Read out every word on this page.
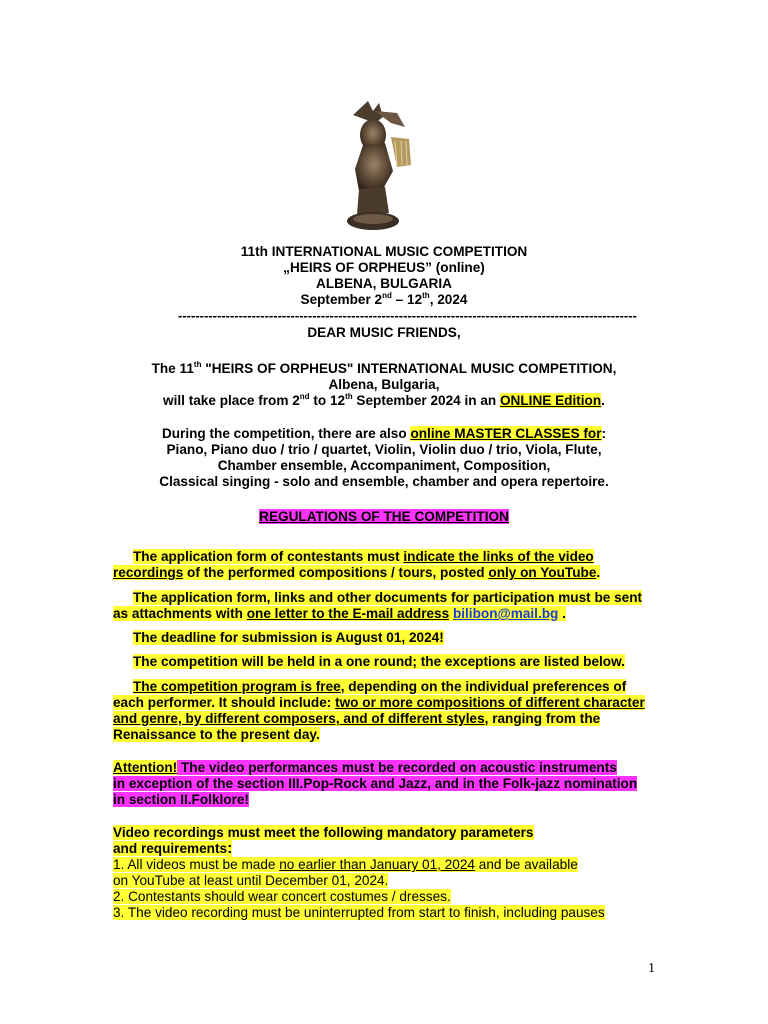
11th INTERNATIONAL MUSIC COMPETITION
„HEIRS OF ORPHEUS” (online)
ALBENA, BULGARIA
September 2nd – 12th, 2024
----------------------------------------------------------------------------------------------------------
DEAR MUSIC FRIENDS,
The 11th "HEIRS OF ORPHEUS" INTERNATIONAL MUSIC COMPETITION,
Albena, Bulgaria,
will take place from 2nd to 12th September 2024 in an ONLINE Edition.
During the competition, there are also online MASTER CLASSES for:
Piano, Piano duo / trio / quartet, Violin, Violin duo / trio, Viola, Flute,
Chamber ensemble, Accompaniment, Composition,
Classical singing - solo and ensemble, chamber and opera repertoire.
REGULATIONS OF THE COMPETITION
The application form of contestants must indicate the links of the video
recordings of the performed compositions / tours, posted only on YouTube.
The application form, links and other documents for participation must be sent
as attachments with one letter to the E-mail address bilibon@mail.bg .
The deadline for submission is August 01, 2024!
The competition will be held in a one round; the exceptions are listed below.
The competition program is free, depending on the individual preferences of
each performer. It should include: two or more compositions of different character
and genre, by different composers, and of different styles, ranging from the
Renaissance to the present day.
Attention! The video performances must be recorded on acoustic instruments
in exception of the section III.Pop-Rock and Jazz, and in the Folk-jazz nomination
in section II.Folklore!
Video recordings must meet the following mandatory parameters
and requirements:
1. All videos must be made no earlier than January 01, 2024 and be available
on YouTube at least until December 01, 2024.
2. Contestants should wear concert costumes / dresses.
3. The video recording must be uninterrupted from start to finish, including pauses
1
